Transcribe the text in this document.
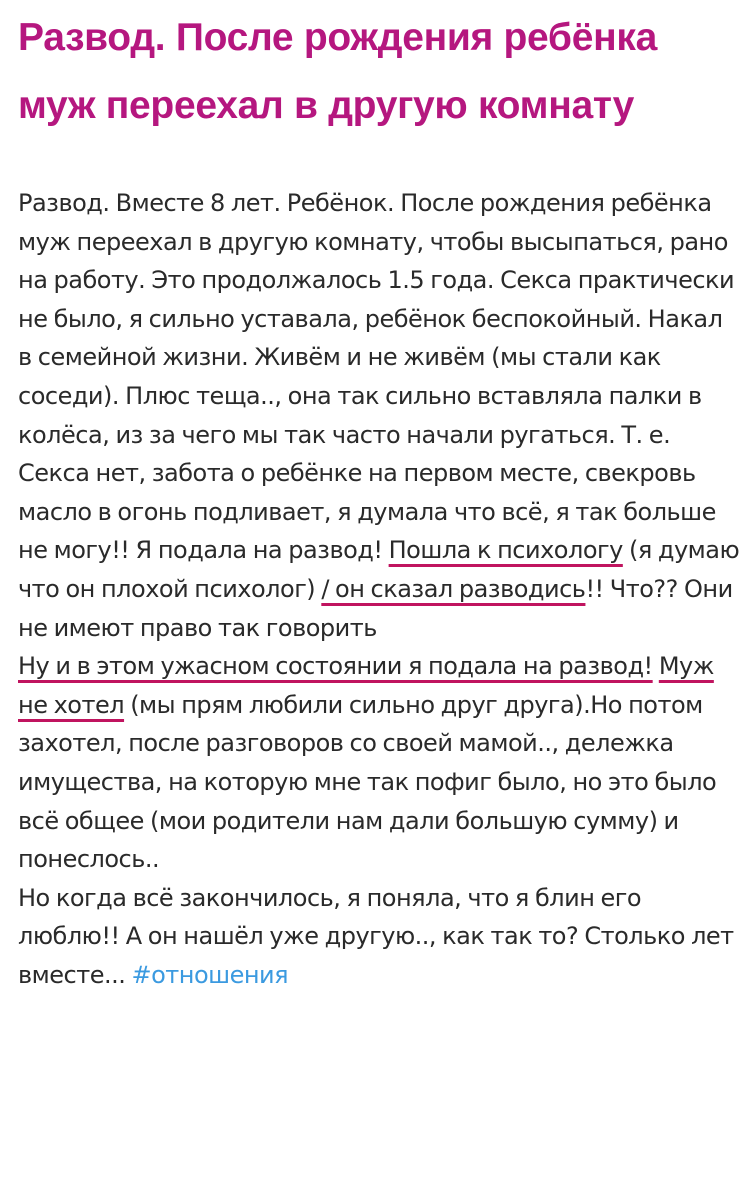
Развод. После рождения ребёнка муж переехал в другую комнату

Развод. Вместе 8 лет. Ребёнок. После рождения ребёнка муж переехал в другую комнату, чтобы высыпаться, рано на работу. Это продолжалось 1.5 года. Секса практически не было, я сильно уставала, ребёнок беспокойный. Накал в семейной жизни. Живём и не живём (мы стали как соседи). Плюс теща.., она так сильно вставляла палки в колёса, из за чего мы так часто начали ругаться. Т. е. Секса нет, забота о ребёнке на первом месте, свекровь масло в огонь подливает, я думала что всё, я так больше не могу!! Я подала на развод! Пошла к психологу (я думаю что он плохой психолог) / он сказал разводись!! Что?? Они не имеют право так говорить

Ну и в этом ужасном состоянии я подала на развод! Муж не хотел (мы прям любили сильно друг друга).Но потом захотел, после разговоров со своей мамой.., дележка имущества, на которую мне так пофиг было, но это было всё общее (мои родители нам дали большую сумму) и понеслось..

Но когда всё закончилось, я поняла, что я блин его люблю!! А он нашёл уже другую.., как так то? Столько лет вместе... #отношения
